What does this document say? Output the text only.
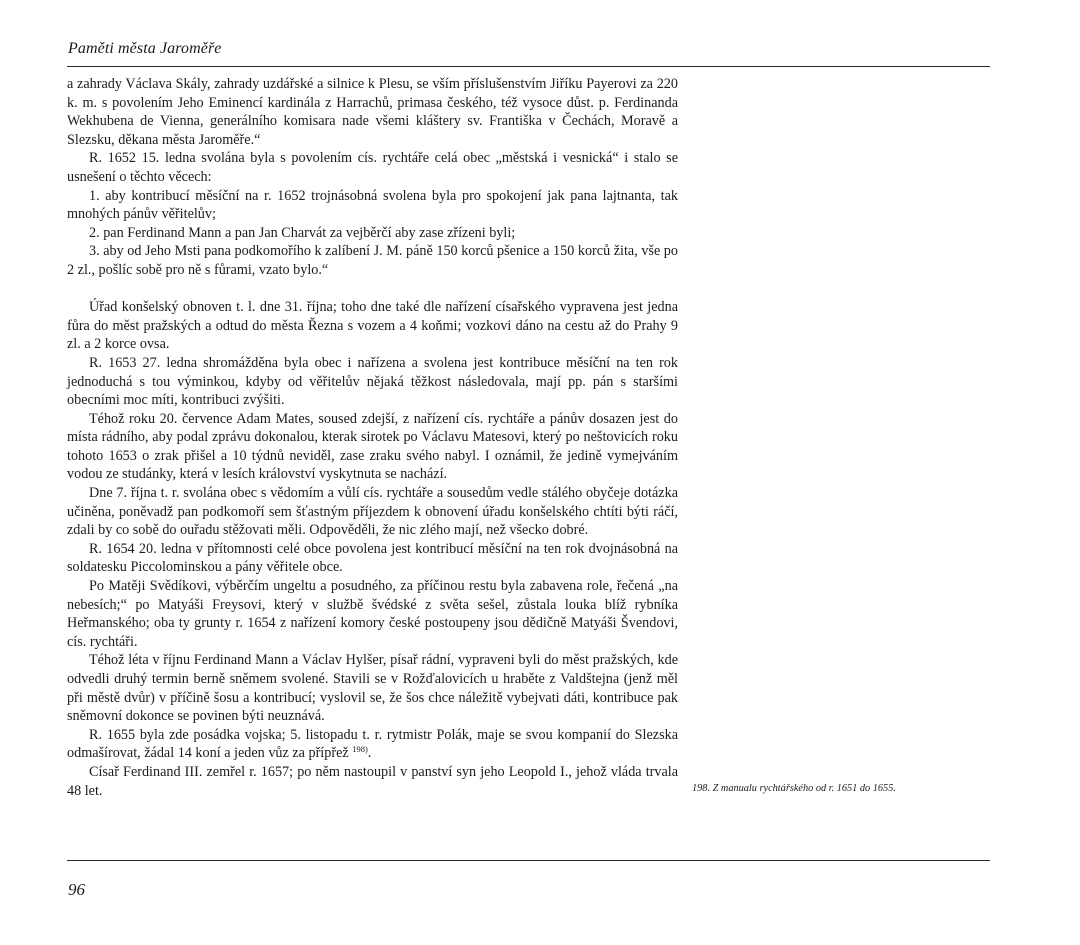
Paměti města Jaroměře

a zahrady Václava Skály, zahrady uzdářské a silnice k Plesu, se vším příslušenstvím Jiříku Payerovi za 220 k. m. s povolením Jeho Eminencí kardinála z Harrachů, primasa českého, též vysoce důst. p. Ferdinanda Wekhubena de Vienna, generálního komisara nade všemi kláštery sv. Františka v Čechách, Moravě a Slezsku, děkana města Jaroměře.“

R. 1652 15. ledna svolána byla s povolením cís. rychtáře celá obec „městská i vesnická“ i stalo se usnešení o těchto věcech:

1. aby kontribucí měsíční na r. 1652 trojnásobná svolena byla pro spokojení jak pana lajtnanta, tak mnohých pánův věřitelův;

2. pan Ferdinand Mann a pan Jan Charvát za vejběrčí aby zase zřízeni byli;

3. aby od Jeho Msti pana podkomořího k zalíbení J. M. páně 150 korců pšenice a 150 korců žita, vše po 2 zl., pošlíc sobě pro ně s fůrami, vzato bylo.“

Úřad konšelský obnoven t. l. dne 31. října; toho dne také dle nařízení císařského vypravena jest jedna fůra do měst pražských a odtud do města Řezna s vozem a 4 koňmi; vozkovi dáno na cestu až do Prahy 9 zl. a 2 korce ovsa.

R. 1653 27. ledna shromážděna byla obec i nařízena a svolena jest kontribuce měsíční na ten rok jednoduchá s tou výminkou, kdyby od věřitelův nějaká těžkost následovala, mají pp. pán s staršími obecními moc míti, kontribuci zvýšiti.

Téhož roku 20. července Adam Mates, soused zdejší, z nařízení cís. rychtáře a pánův dosazen jest do místa rádního, aby podal zprávu dokonalou, kterak sirotek po Václavu Matesovi, který po neštovicích roku tohoto 1653 o zrak přišel a 10 týdnů neviděl, zase zraku svého nabyl. I oznámil, že jedině vymejváním vodou ze studánky, která v lesích království vyskytnuta se nachází.

Dne 7. října t. r. svolána obec s vědomím a vůlí cís. rychtáře a sousedům vedle stálého obyčeje dotázka učiněna, poněvadž pan podkomoří sem šťastným příjezdem k obnovení úřadu konšelského chtíti býti ráčí, zdali by co sobě do ouřadu stěžovati měli. Odpověděli, že nic zlého mají, než všecko dobré.

R. 1654 20. ledna v přítomnosti celé obce povolena jest kontribucí měsíční na ten rok dvojnásobná na soldatesku Piccolominskou a pány věřitele obce.

Po Matěji Svědíkovi, výběrčím ungeltu a posudného, za příčinou restu byla zabavena role, řečená „na nebesích;“ po Matyáši Freysovi, který v službě švédské z světa sešel, zůstala louka blíž rybníka Heřmanského; oba ty grunty r. 1654 z nařízení komory české postoupeny jsou dědičně Matyáši Švendovi, cís. rychtáři.

Téhož léta v říjnu Ferdinand Mann a Václav Hylšer, písař rádní, vypraveni byli do měst pražských, kde odvedli druhý termin berně sněmem svolené. Stavili se v Rožďalovicích u hraběte z Valdštejna (jenž měl při městě dvůr) v příčině šosu a kontribucí; vyslovil se, že šos chce náležitě vybejvati dáti, kontribuce pak sněmovní dokonce se povinen býti neuznává.

R. 1655 byla zde posádka vojska; 5. listopadu t. r. rytmistr Polák, maje se svou kompanií do Slezska odmašírovat, žádal 14 koní a jeden vůz za přípřež $^{198)}$.

Císař Ferdinand III. zemřel r. 1657; po něm nastoupil v panství syn jeho Leopold I., jehož vláda trvala 48 let.	198. Z manualu rychtářského od r. 1651 do 1655.

96
